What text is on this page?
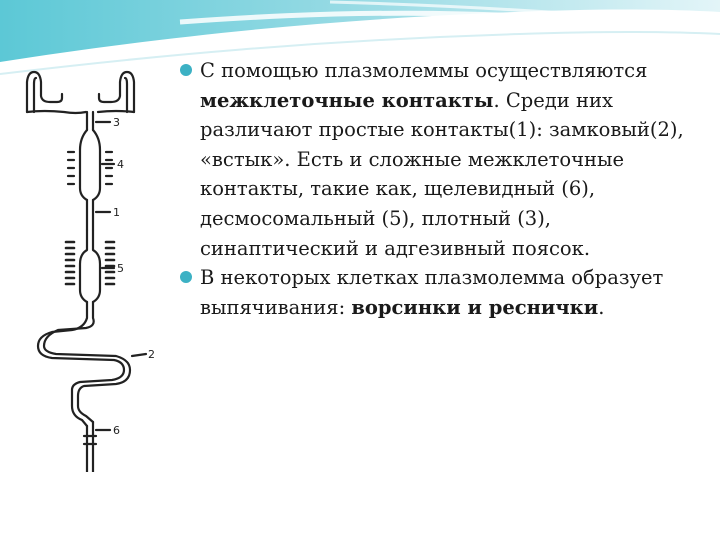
3
4
1
5
2
6
С помощью плазмолеммы осуществляются межклеточные контакты. Среди них различают простые контакты(1): замковый(2), «встык». Есть и сложные межклеточные контакты, такие как, щелевидный (6), десмосомальный (5), плотный (3), синаптический и адгезивный поясок.
В некоторых клетках плазмолемма образует выпячивания: ворсинки и реснички.
